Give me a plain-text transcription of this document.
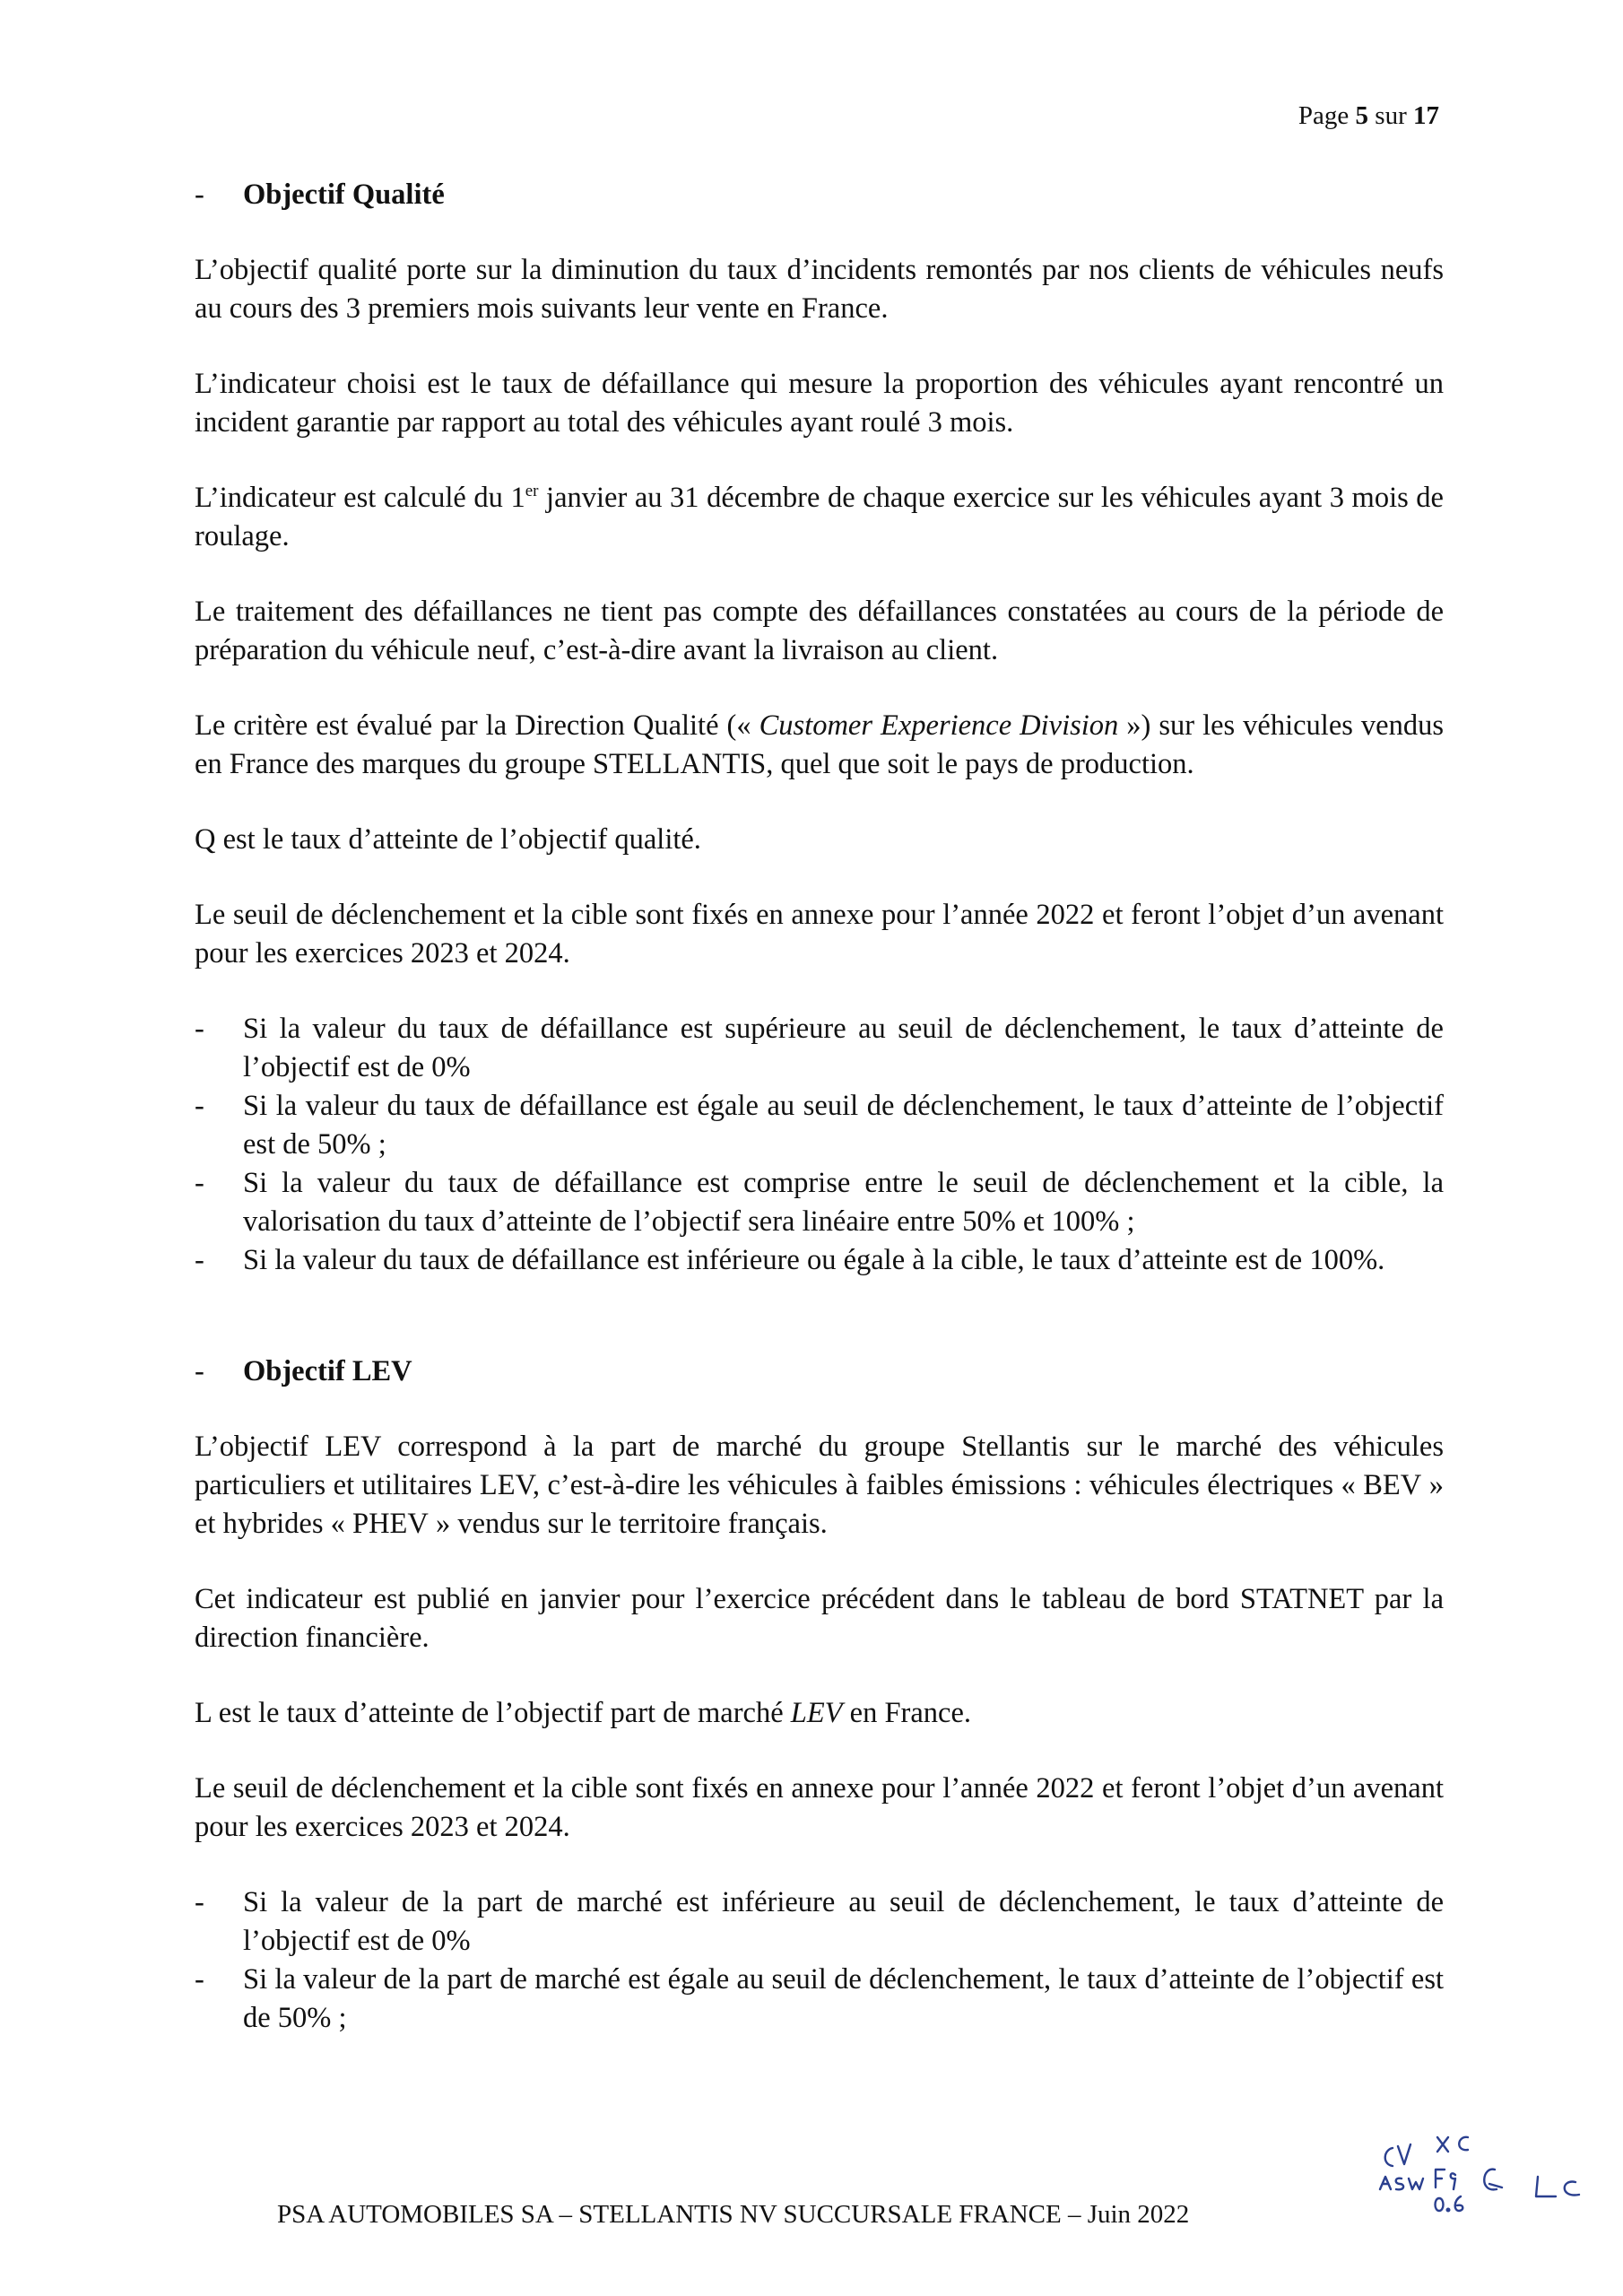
Page 5 sur 17
-	Objectif Qualité

L’objectif qualité porte sur la diminution du taux d’incidents remontés par nos clients de véhicules neufs au cours des 3 premiers mois suivants leur vente en France.

L’indicateur choisi est le taux de défaillance qui mesure la proportion des véhicules ayant rencontré un incident garantie par rapport au total des véhicules ayant roulé 3 mois.

L’indicateur est calculé du 1er janvier au 31 décembre de chaque exercice sur les véhicules ayant 3 mois de roulage.

Le traitement des défaillances ne tient pas compte des défaillances constatées au cours de la période de préparation du véhicule neuf, c’est-à-dire avant la livraison au client.

Le critère est évalué par la Direction Qualité (« Customer Experience Division ») sur les véhicules vendus en France des marques du groupe STELLANTIS, quel que soit le pays de production.

Q est le taux d’atteinte de l’objectif qualité.

Le seuil de déclenchement et la cible sont fixés en annexe pour l’année 2022 et feront l’objet d’un avenant pour les exercices 2023 et 2024.

-	Si la valeur du taux de défaillance est supérieure au seuil de déclenchement, le taux d’atteinte de l’objectif est de 0%
-	Si la valeur du taux de défaillance est égale au seuil de déclenchement, le taux d’atteinte de l’objectif est de 50% ;
-	Si la valeur du taux de défaillance est comprise entre le seuil de déclenchement et la cible, la valorisation du taux d’atteinte de l’objectif sera linéaire entre 50% et 100% ;
-	Si la valeur du taux de défaillance est inférieure ou égale à la cible, le taux d’atteinte est de 100%.
-	Objectif LEV

L’objectif LEV correspond à la part de marché du groupe Stellantis sur le marché des véhicules particuliers et utilitaires LEV, c’est-à-dire les véhicules à faibles émissions : véhicules électriques « BEV » et hybrides « PHEV » vendus sur le territoire français.

Cet indicateur est publié en janvier pour l’exercice précédent dans le tableau de bord STATNET par la direction financière.

L est le taux d’atteinte de l’objectif part de marché LEV en France.

Le seuil de déclenchement et la cible sont fixés en annexe pour l’année 2022 et feront l’objet d’un avenant pour les exercices 2023 et 2024.

-	Si la valeur de la part de marché est inférieure au seuil de déclenchement, le taux d’atteinte de l’objectif est de 0%
-	Si la valeur de la part de marché est égale au seuil de déclenchement, le taux d’atteinte de l’objectif est de 50% ;
PSA AUTOMOBILES SA – STELLANTIS NV SUCCURSALE FRANCE – Juin 2022
